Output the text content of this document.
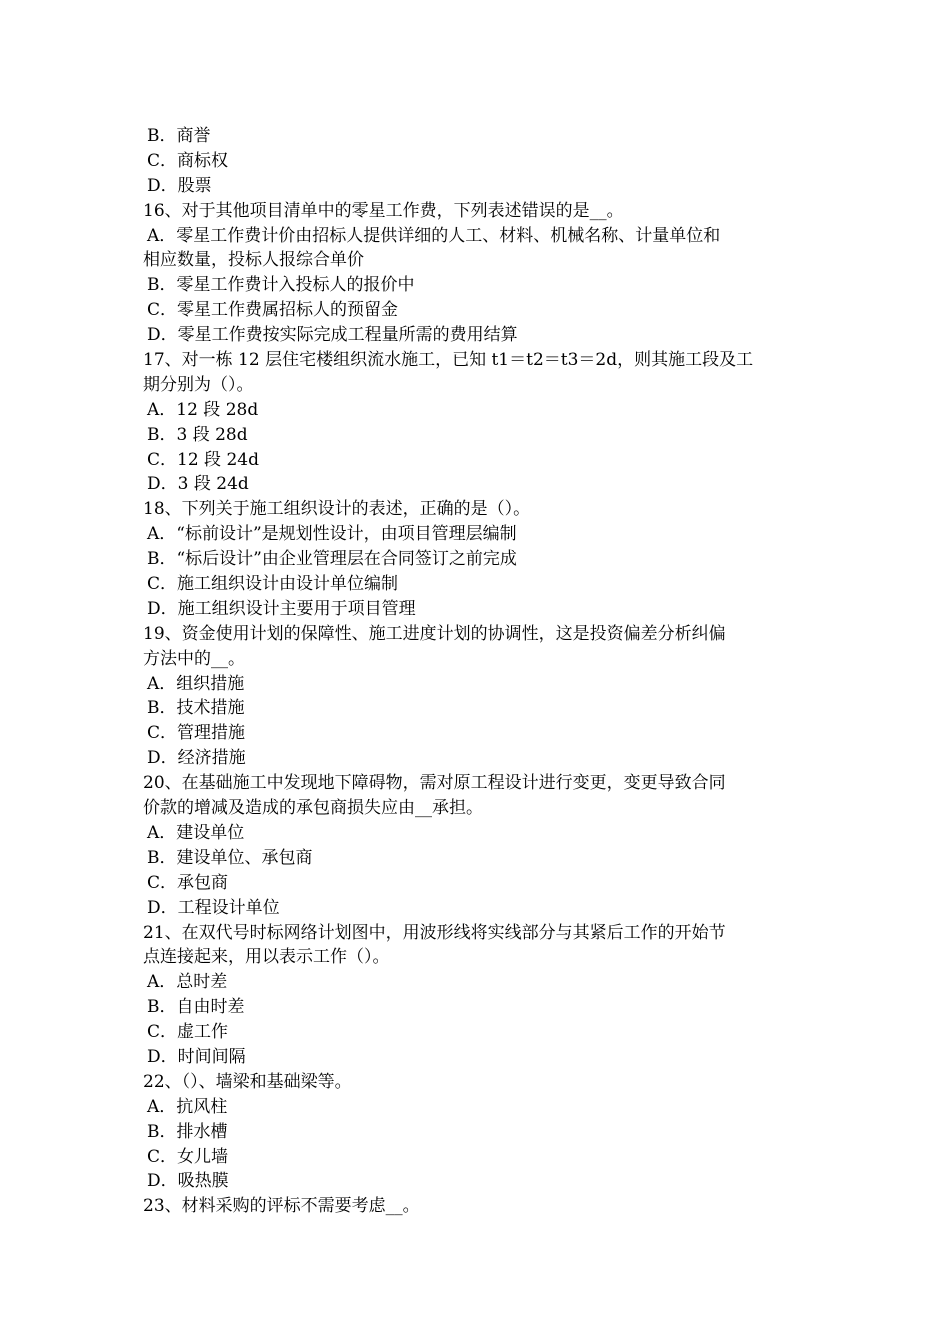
B．商誉
C．商标权
D．股票
16、对于其他项目清单中的零星工作费，下列表述错误的是__。
A．零星工作费计价由招标人提供详细的人工、材料、机械名称、计量单位和
相应数量，投标人报综合单价
B．零星工作费计入投标人的报价中
C．零星工作费属招标人的预留金
D．零星工作费按实际完成工程量所需的费用结算
17、对一栋 12 层住宅楼组织流水施工，已知 t1＝t2＝t3＝2d，则其施工段及工
期分别为（）。
A．12 段 28d
B．3 段 28d
C．12 段 24d
D．3 段 24d
18、下列关于施工组织设计的表述，正确的是（）。
A．“标前设计”是规划性设计，由项目管理层编制
B．“标后设计”由企业管理层在合同签订之前完成
C．施工组织设计由设计单位编制
D．施工组织设计主要用于项目管理
19、资金使用计划的保障性、施工进度计划的协调性，这是投资偏差分析纠偏
方法中的__。
A．组织措施
B．技术措施
C．管理措施
D．经济措施
20、在基础施工中发现地下障碍物，需对原工程设计进行变更，变更导致合同
价款的增减及造成的承包商损失应由__承担。
A．建设单位
B．建设单位、承包商
C．承包商
D．工程设计单位
21、在双代号时标网络计划图中，用波形线将实线部分与其紧后工作的开始节
点连接起来，用以表示工作（）。
A．总时差
B．自由时差
C．虚工作
D．时间间隔
22、（）、墙梁和基础梁等。
A．抗风柱
B．排水槽
C．女儿墙
D．吸热膜
23、材料采购的评标不需要考虑__。
